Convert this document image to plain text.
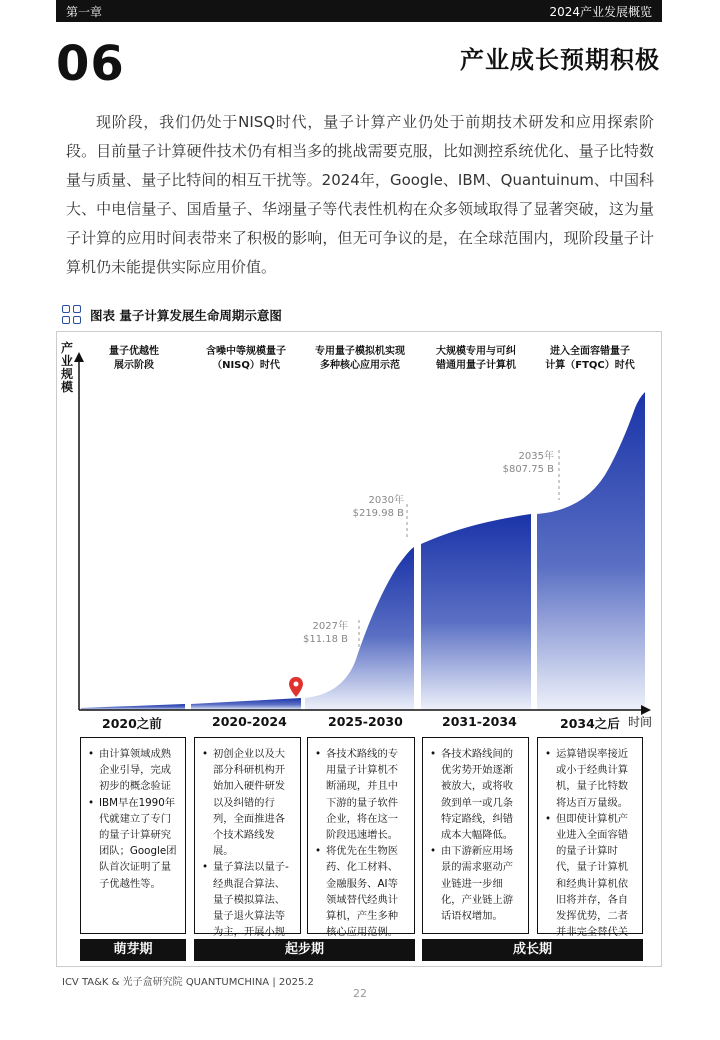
第一章	2024产业发展概览
06	产业成长预期积极

现阶段，我们仍处于NISQ时代，量子计算产业仍处于前期技术研发和应用探索阶段。目前量子计算硬件技术仍有相当多的挑战需要克服，比如测控系统优化、量子比特数量与质量、量子比特间的相互干扰等。2024年，Google、IBM、Quantuinum、中国科大、中电信量子、国盾量子、华翊量子等代表性机构在众多领域取得了显著突破，这为量子计算的应用时间表带来了积极的影响，但无可争议的是，在全球范围内，现阶段量子计算机仍未能提供实际应用价值。

图表 量子计算发展生命周期示意图
产业规模
时间
量子优越性
展示阶段
含噪中等规模量子
（NISQ）时代
专用量子模拟机实现
多种核心应用示范
大规模专用与可纠
错通用量子计算机
进入全面容错量子
计算（FTQC）时代
2027年
$11.18 B
2030年
$219.98 B
2035年
$807.75 B
2020之前	2020-2024	2025-2030	2031-2034	2034之后
• 由计算领域成熟企业引导，完成初步的概念验证
• IBM早在1990年代就建立了专门的量子计算研究团队；Google团队首次证明了量子优越性等。
• 初创企业以及大部分科研机构开始加入硬件研发以及纠错的行列，全面推进各个技术路线发展。
• 量子算法以量子-经典混合算法、量子模拟算法、量子退火算法等为主，开展小规
• 各技术路线的专用量子计算机不断涌现，并且中下游的量子软件企业，将在这一阶段迅速增长。
• 将优先在生物医药、化工材料、金融服务、AI等领域替代经典计算机，产生多种核心应用范例。
• 各技术路线间的优劣势开始逐渐被放大，或将收敛到单一或几条特定路线，纠错成本大幅降低。
• 由下游新应用场景的需求驱动产业链进一步细化，产业链上游话语权增加。
• 运算错误率接近或小于经典计算机，量子比特数将达百万量级。
• 但即使计算机产业进入全面容错的量子计算时代，量子计算机和经典计算机依旧将并存，各自发挥优势，二者并非完全替代关
萌芽期	起步期	成长期
ICV TA&K & 光子盒研究院 QUANTUMCHINA | 2025.2
22
